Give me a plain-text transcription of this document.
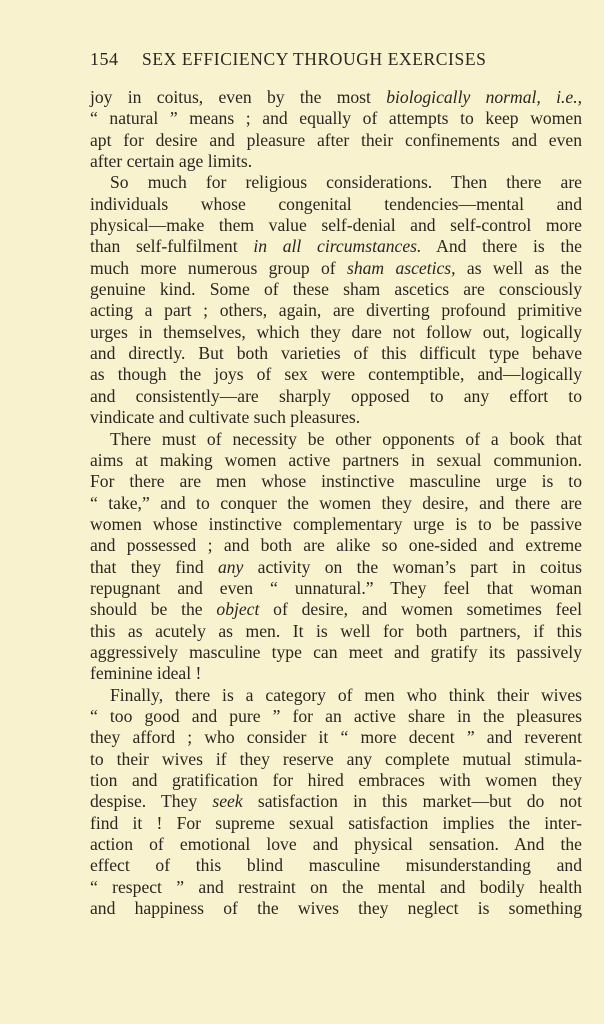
154 SEX EFFICIENCY THROUGH EXERCISES
joy in coitus, even by the most biologically normal, i.e.,
“ natural ” means ; and equally of attempts to keep women
apt for desire and pleasure after their confinements and even
after certain age limits.
So much for religious considerations. Then there are
individuals whose congenital tendencies—mental and
physical—make them value self-denial and self-control more
than self-fulfilment in all circumstances. And there is the
much more numerous group of sham ascetics, as well as the
genuine kind. Some of these sham ascetics are consciously
acting a part ; others, again, are diverting profound primitive
urges in themselves, which they dare not follow out, logically
and directly. But both varieties of this difficult type behave
as though the joys of sex were contemptible, and—logically
and consistently—are sharply opposed to any effort to
vindicate and cultivate such pleasures.
There must of necessity be other opponents of a book that
aims at making women active partners in sexual communion.
For there are men whose instinctive masculine urge is to
“ take,” and to conquer the women they desire, and there are
women whose instinctive complementary urge is to be passive
and possessed ; and both are alike so one-sided and extreme
that they find any activity on the woman’s part in coitus
repugnant and even “ unnatural.” They feel that woman
should be the object of desire, and women sometimes feel
this as acutely as men. It is well for both partners, if this
aggressively masculine type can meet and gratify its passively
feminine ideal !
Finally, there is a category of men who think their wives
“ too good and pure ” for an active share in the pleasures
they afford ; who consider it “ more decent ” and reverent
to their wives if they reserve any complete mutual stimula-
tion and gratification for hired embraces with women they
despise. They seek satisfaction in this market—but do not
find it ! For supreme sexual satisfaction implies the inter-
action of emotional love and physical sensation. And the
effect of this blind masculine misunderstanding and
“ respect ” and restraint on the mental and bodily health
and happiness of the wives they neglect is something
